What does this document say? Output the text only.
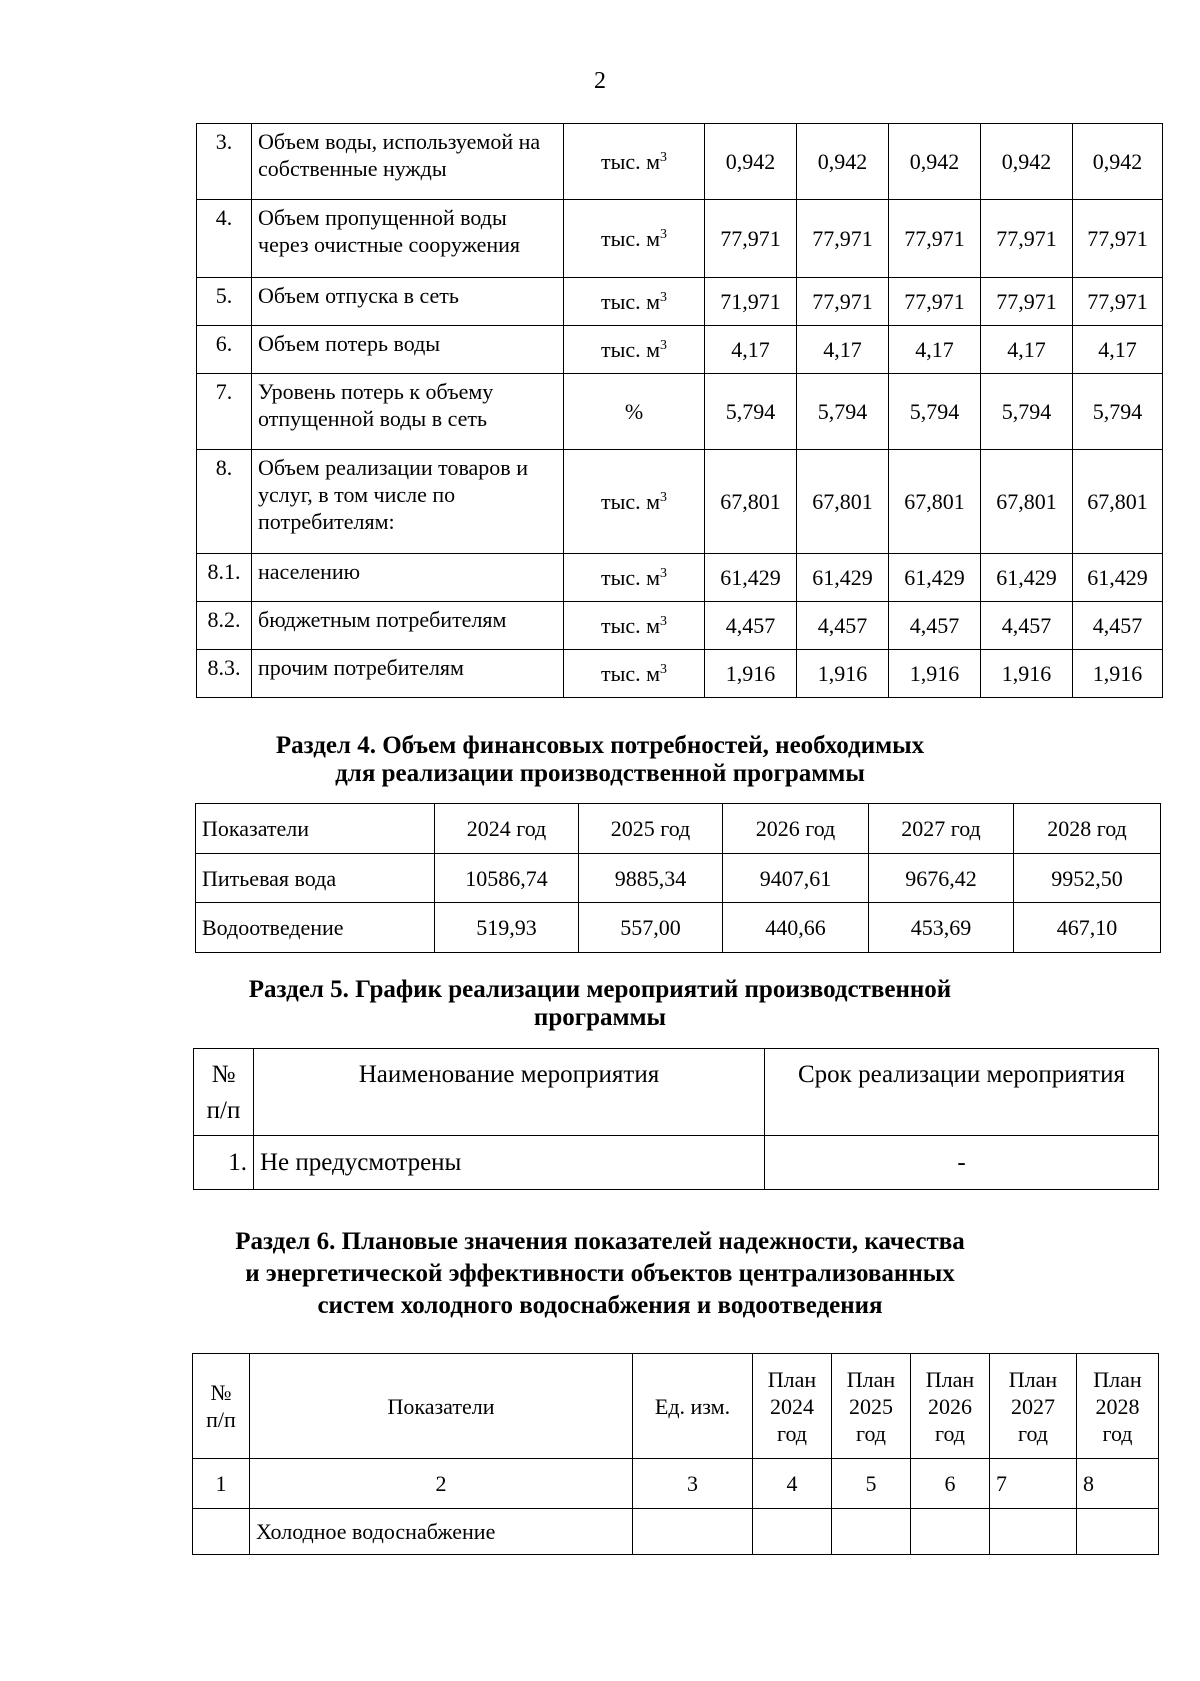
2
3.	Объем воды, используемой на собственные нужды	тыс. $м^3$	0,942	0,942	0,942	0,942	0,942
4.	Объем пропущенной воды через очистные сооружения	тыс. $м^3$	77,971	77,971	77,971	77,971	77,971
5.	Объем отпуска в сеть	тыс. $м^3$	71,971	77,971	77,971	77,971	77,971
6.	Объем потерь воды	тыс. $м^3$	4,17	4,17	4,17	4,17	4,17
7.	Уровень потерь к объему отпущенной воды в сеть	%	5,794	5,794	5,794	5,794	5,794
8.	Объем реализации товаров и услуг, в том числе по потребителям:	тыс. $м^3$	67,801	67,801	67,801	67,801	67,801
8.1.	населению	тыс. $м^3$	61,429	61,429	61,429	61,429	61,429
8.2.	бюджетным потребителям	тыс. $м^3$	4,457	4,457	4,457	4,457	4,457
8.3.	прочим потребителям	тыс. $м^3$	1,916	1,916	1,916	1,916	1,916
Раздел 4. Объем финансовых потребностей, необходимых
для реализации производственной программы
Показатели	2024 год	2025 год	2026 год	2027 год	2028 год
Питьевая вода	10586,74	9885,34	9407,61	9676,42	9952,50
Водоотведение	519,93	557,00	440,66	453,69	467,10
Раздел 5. График реализации мероприятий производственной
программы
№ п/п	Наименование мероприятия	Срок реализации мероприятия
1.	Не предусмотрены	-
Раздел 6. Плановые значения показателей надежности, качества
и энергетической эффективности объектов централизованных
систем холодного водоснабжения и водоотведения
№ п/п	Показатели	Ед. изм.	План 2024 год	План 2025 год	План 2026 год	План 2027 год	План 2028 год
1	2	3	4	5	6	7	8
	Холодное водоснабжение						
